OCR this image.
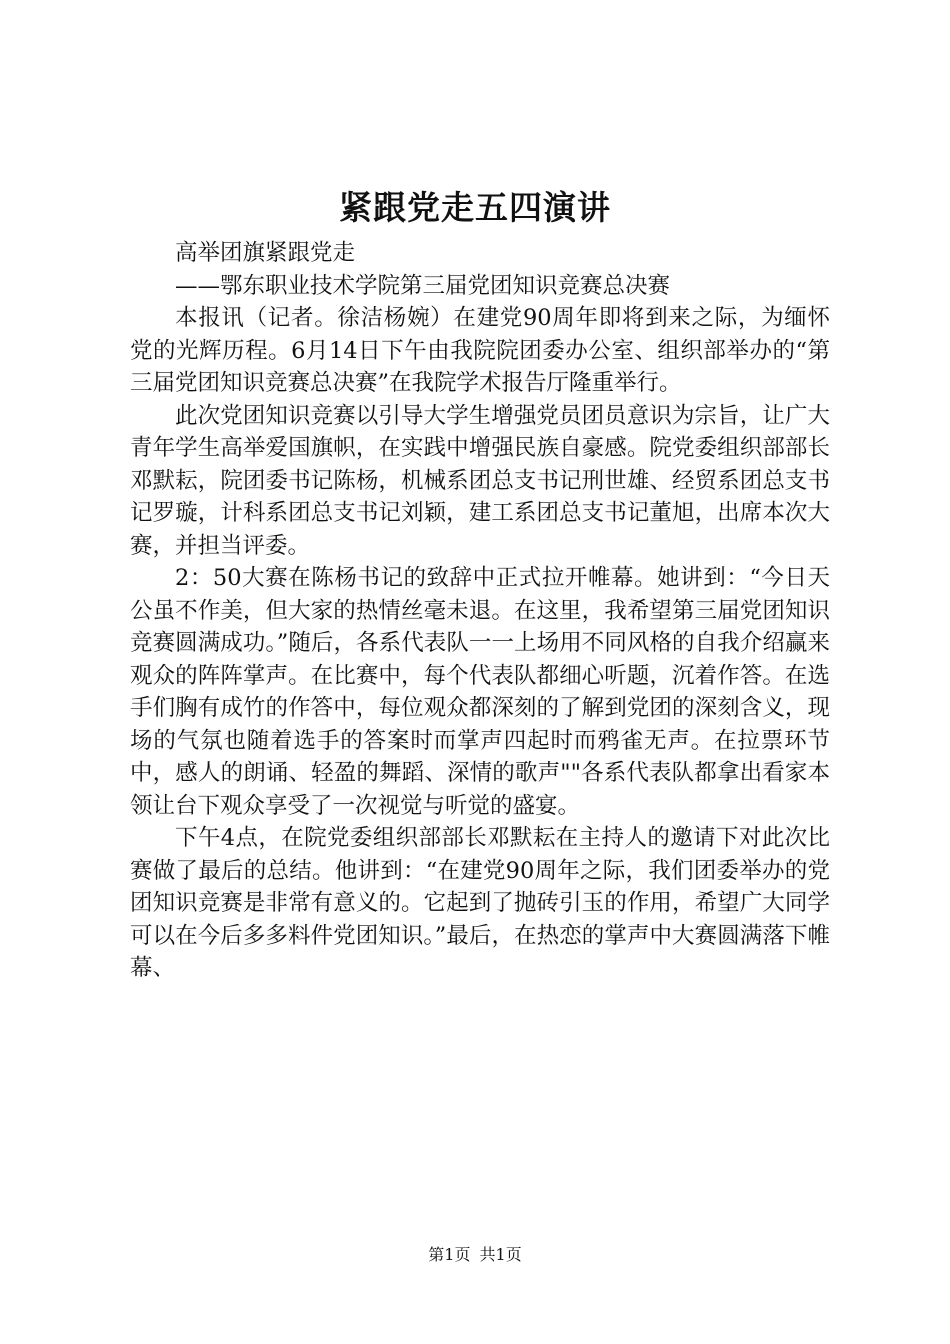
紧跟党走五四演讲

高举团旗紧跟党走

——鄂东职业技术学院第三届党团知识竞赛总决赛

本报讯（记者。徐洁杨婉）在建党90周年即将到来之际，为缅怀党的光辉历程。6月14日下午由我院院团委办公室、组织部举办的“第三届党团知识竞赛总决赛”在我院学术报告厅隆重举行。

此次党团知识竞赛以引导大学生增强党员团员意识为宗旨，让广大青年学生高举爱国旗帜，在实践中增强民族自豪感。院党委组织部部长邓默耘，院团委书记陈杨，机械系团总支书记刑世雄、经贸系团总支书记罗璇，计科系团总支书记刘颖，建工系团总支书记董旭，出席本次大赛，并担当评委。

2：50大赛在陈杨书记的致辞中正式拉开帷幕。她讲到：“今日天公虽不作美，但大家的热情丝毫未退。在这里，我希望第三届党团知识竞赛圆满成功。”随后，各系代表队一一上场用不同风格的自我介绍赢来观众的阵阵掌声。在比赛中，每个代表队都细心听题，沉着作答。在选手们胸有成竹的作答中，每位观众都深刻的了解到党团的深刻含义，现场的气氛也随着选手的答案时而掌声四起时而鸦雀无声。在拉票环节中，感人的朗诵、轻盈的舞蹈、深情的歌声""各系代表队都拿出看家本领让台下观众享受了一次视觉与听觉的盛宴。

下午4点，在院党委组织部部长邓默耘在主持人的邀请下对此次比赛做了最后的总结。他讲到：“在建党90周年之际，我们团委举办的党团知识竞赛是非常有意义的。它起到了抛砖引玉的作用，希望广大同学可以在今后多多料件党团知识。”最后，在热恋的掌声中大赛圆满落下帷幕、

第1页 共1页
